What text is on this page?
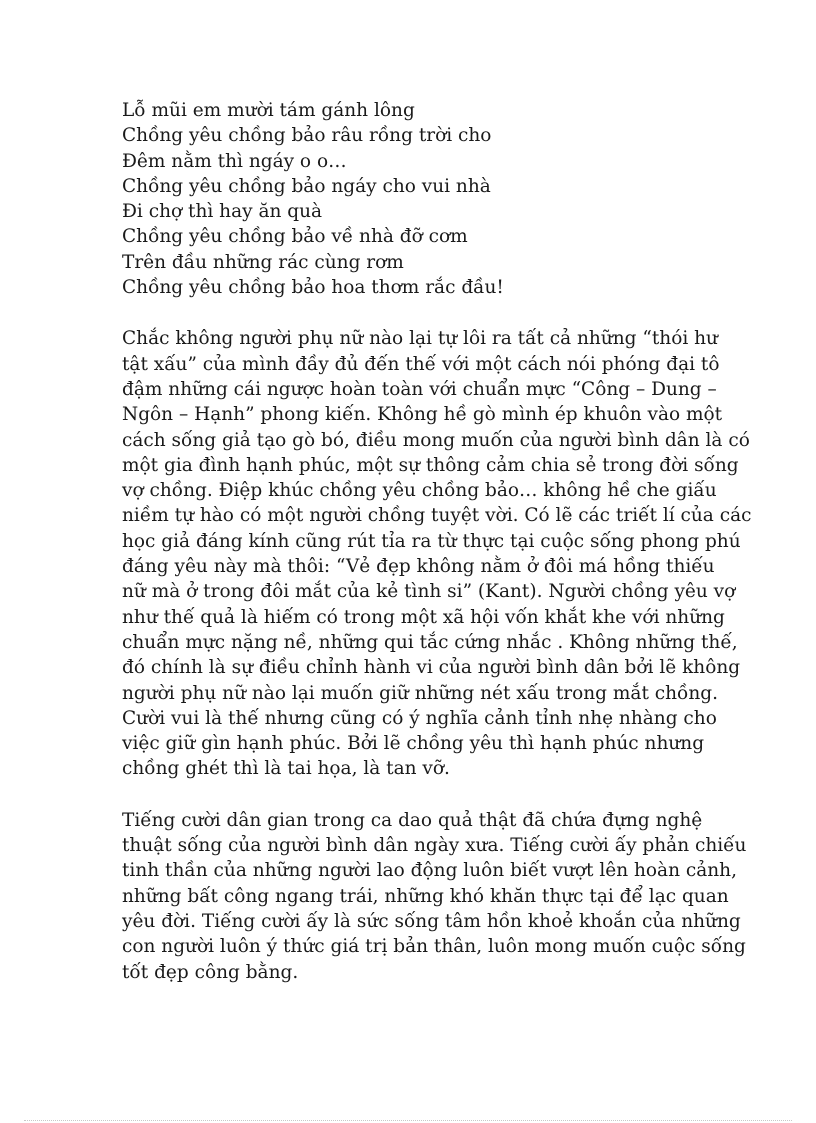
Lỗ mũi em mười tám gánh lông
Chồng yêu chồng bảo râu rồng trời cho
Đêm nằm thì ngáy o o…
Chồng yêu chồng bảo ngáy cho vui nhà
Đi chợ thì hay ăn quà
Chồng yêu chồng bảo về nhà đỡ cơm
Trên đầu những rác cùng rơm
Chồng yêu chồng bảo hoa thơm rắc đầu!
Chắc không người phụ nữ nào lại tự lôi ra tất cả những “thói hư
tật xấu” của mình đầy đủ đến thế với một cách nói phóng đại tô
đậm những cái ngược hoàn toàn với chuẩn mực “Công – Dung –
Ngôn – Hạnh” phong kiến. Không hề gò mình ép khuôn vào một
cách sống giả tạo gò bó, điều mong muốn của người bình dân là có
một gia đình hạnh phúc, một sự thông cảm chia sẻ trong đời sống
vợ chồng. Điệp khúc chồng yêu chồng bảo… không hề che giấu
niềm tự hào có một người chồng tuyệt vời. Có lẽ các triết lí của các
học giả đáng kính cũng rút tỉa ra từ thực tại cuộc sống phong phú
đáng yêu này mà thôi: “Vẻ đẹp không nằm ở đôi má hồng thiếu
nữ mà ở trong đôi mắt của kẻ tình si” (Kant). Người chồng yêu vợ
như thế quả là hiếm có trong một xã hội vốn khắt khe với những
chuẩn mực nặng nề, những qui tắc cứng nhắc . Không những thế,
đó chính là sự điều chỉnh hành vi của người bình dân bởi lẽ không
người phụ nữ nào lại muốn giữ những nét xấu trong mắt chồng.
Cười vui là thế nhưng cũng có ý nghĩa cảnh tỉnh nhẹ nhàng cho
việc giữ gìn hạnh phúc. Bởi lẽ chồng yêu thì hạnh phúc nhưng
chồng ghét thì là tai họa, là tan vỡ.
Tiếng cười dân gian trong ca dao quả thật đã chứa đựng nghệ
thuật sống của người bình dân ngày xưa. Tiếng cười ấy phản chiếu
tinh thần của những người lao động luôn biết vượt lên hoàn cảnh,
những bất công ngang trái, những khó khăn thực tại để lạc quan
yêu đời. Tiếng cười ấy là sức sống tâm hồn khoẻ khoắn của những
con người luôn ý thức giá trị bản thân, luôn mong muốn cuộc sống
tốt đẹp công bằng.
